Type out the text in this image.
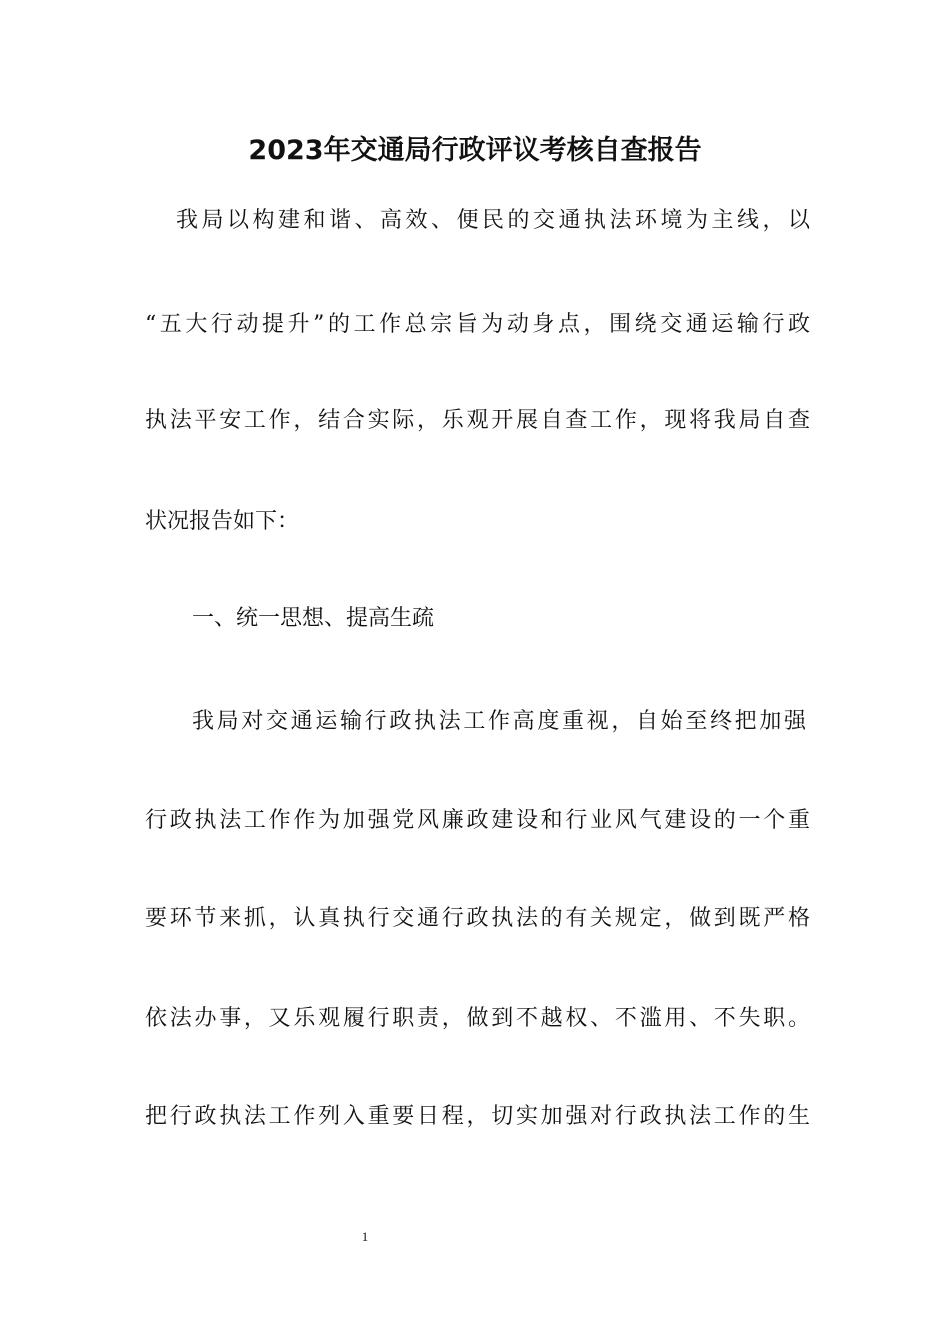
2023年交通局行政评议考核自查报告
我局以构建和谐、高效、便民的交通执法环境为主线，以
“五大行动提升”的工作总宗旨为动身点，围绕交通运输行政
执法平安工作，结合实际，乐观开展自查工作，现将我局自查
状况报告如下：
一、统一思想、提高生疏
我局对交通运输行政执法工作高度重视，自始至终把加强
行政执法工作作为加强党风廉政建设和行业风气建设的一个重
要环节来抓，认真执行交通行政执法的有关规定，做到既严格
依法办事，又乐观履行职责，做到不越权、不滥用、不失职。
把行政执法工作列入重要日程，切实加强对行政执法工作的生
1
